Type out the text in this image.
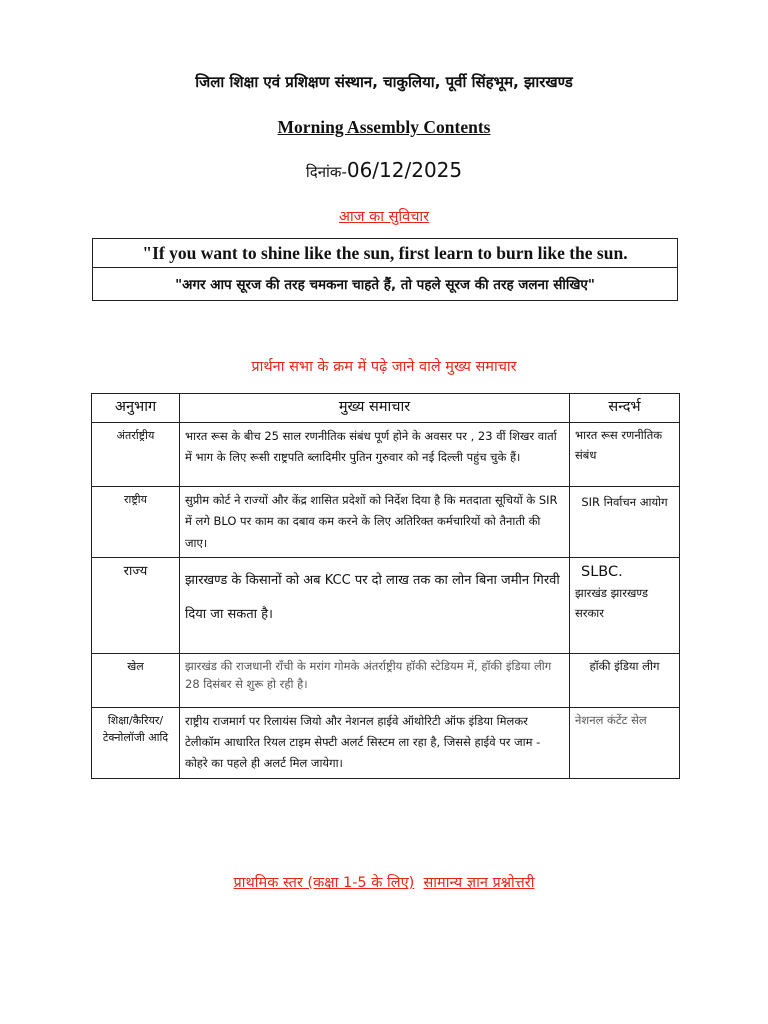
जिला शिक्षा एवं प्रशिक्षण संस्थान, चाकुलिया, पूर्वी सिंहभूम, झारखण्ड
Morning Assembly Contents
दिनांक-06/12/2025
आज का सुविचार
"If you want to shine like the sun, first learn to burn like the sun.
"अगर आप सूरज की तरह चमकना चाहते हैं, तो पहले सूरज की तरह जलना सीखिए"
प्रार्थना सभा के क्रम में पढ़े जाने वाले मुख्य समाचार
अनुभाग	मुख्य समाचार	सन्दर्भ
अंतर्राष्ट्रीय	भारत रूस के बीच 25 साल रणनीतिक संबंध पूर्ण होने के अवसर पर , 23 वीं शिखर वार्ता में भाग के लिए रूसी राष्ट्रपति ब्लादिमीर पुतिन गुरुवार को नई दिल्ली पहुंच चुके हैं।	भारत रूस रणनीतिक संबंध
राष्ट्रीय	सुप्रीम कोर्ट ने राज्यों और केंद्र शासित प्रदेशों को निर्देश दिया है कि मतदाता सूचियों के SIR में लगे BLO पर काम का दबाव कम करने के लिए अतिरिक्त कर्मचारियों को तैनाती की जाए।	SIR निर्वाचन आयोग
राज्य	झारखण्ड के किसानों को अब KCC पर दो लाख तक का लोन बिना जमीन गिरवी दिया जा सकता है।	SLBC.
झारखंड झारखण्ड सरकार

खेल	झारखंड की राजधानी राँची के मरांग गोमके अंतर्राष्ट्रीय हॉकी स्टेडियम में, हॉकी इंडिया लीग 28 दिसंबर से शुरू हो रही है।	हॉकी इंडिया लीग
शिक्षा/कैरियर/ टेक्नोलॉजी आदि	राष्ट्रीय राजमार्ग पर रिलायंस जियो और नेशनल हाईवे ऑथोरिटी ऑफ इंडिया मिलकर टेलीकॉम आधारित रियल टाइम सेफ्टी अलर्ट सिस्टम ला रहा है, जिससे हाईवे पर जाम - कोहरे का पहले ही अलर्ट मिल जायेगा।	नेशनल कंटेंट सेल
प्राथमिक स्तर (कक्षा 1-5 के लिए) सामान्य ज्ञान प्रश्नोत्तरी
